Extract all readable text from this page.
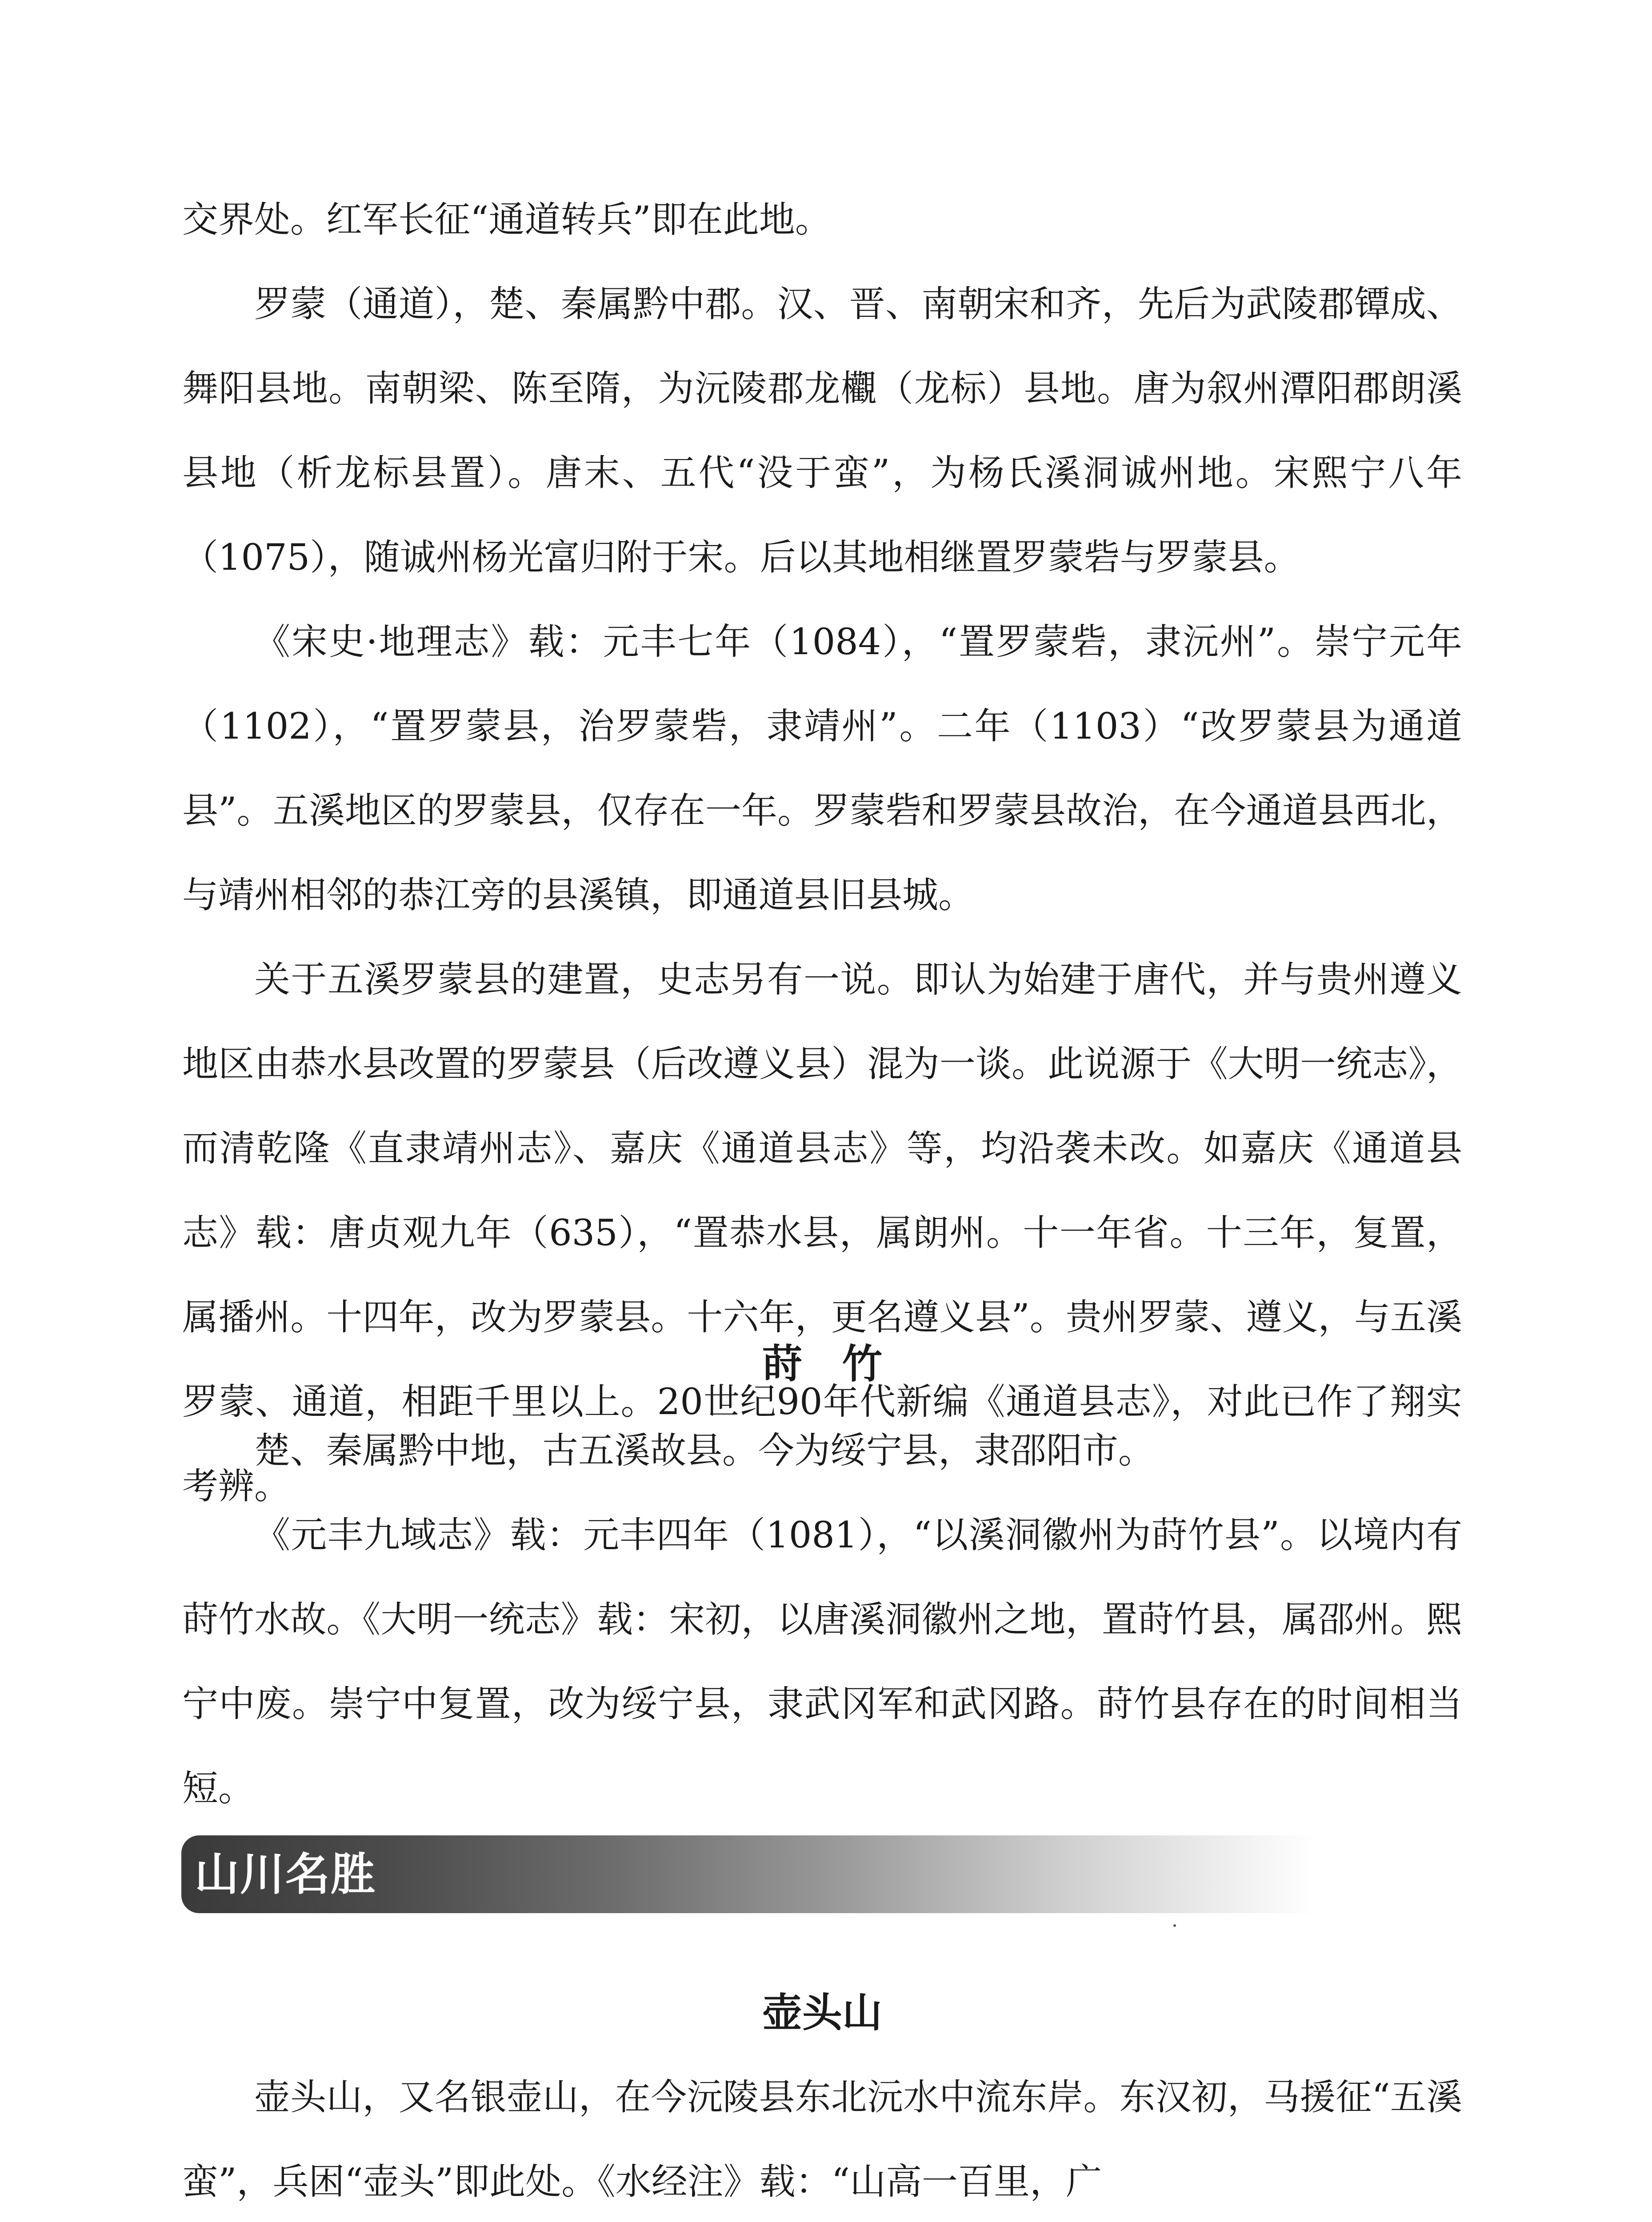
交界处。红军长征“通道转兵”即在此地。

罗蒙（通道），楚、秦属黔中郡。汉、晋、南朝宋和齐，先后为武陵郡镡成、舞阳县地。南朝梁、陈至隋，为沅陵郡龙欟（龙标）县地。唐为叙州潭阳郡朗溪县地（析龙标县置）。唐末、五代“没于蛮”，为杨氏溪洞诚州地。宋熙宁八年（1075），随诚州杨光富归附于宋。后以其地相继置罗蒙砦与罗蒙县。

《宋史·地理志》载：元丰七年（1084），“置罗蒙砦，隶沅州”。崇宁元年（1102），“置罗蒙县，治罗蒙砦，隶靖州”。二年（1103）“改罗蒙县为通道县”。五溪地区的罗蒙县，仅存在一年。罗蒙砦和罗蒙县故治，在今通道县西北，与靖州相邻的恭江旁的县溪镇，即通道县旧县城。

关于五溪罗蒙县的建置，史志另有一说。即认为始建于唐代，并与贵州遵义地区由恭水县改置的罗蒙县（后改遵义县）混为一谈。此说源于《大明一统志》，而清乾隆《直隶靖州志》、嘉庆《通道县志》等，均沿袭未改。如嘉庆《通道县志》载：唐贞观九年（635），“置恭水县，属朗州。十一年省。十三年，复置，属播州。十四年，改为罗蒙县。十六年，更名遵义县”。贵州罗蒙、遵义，与五溪罗蒙、通道，相距千里以上。20世纪90年代新编《通道县志》，对此已作了翔实考辨。

莳　竹

楚、秦属黔中地，古五溪故县。今为绥宁县，隶邵阳市。

《元丰九域志》载：元丰四年（1081），“以溪洞徽州为莳竹县”。以境内有莳竹水故。《大明一统志》载：宋初，以唐溪洞徽州之地，置莳竹县，属邵州。熙宁中废。崇宁中复置，改为绥宁县，隶武冈军和武冈路。莳竹县存在的时间相当短。

山川名胜
壶头山

壶头山，又名银壶山，在今沅陵县东北沅水中流东岸。东汉初，马援征“五溪蛮”，兵困“壶头”即此处。《水经注》载：“山高一百里，广
